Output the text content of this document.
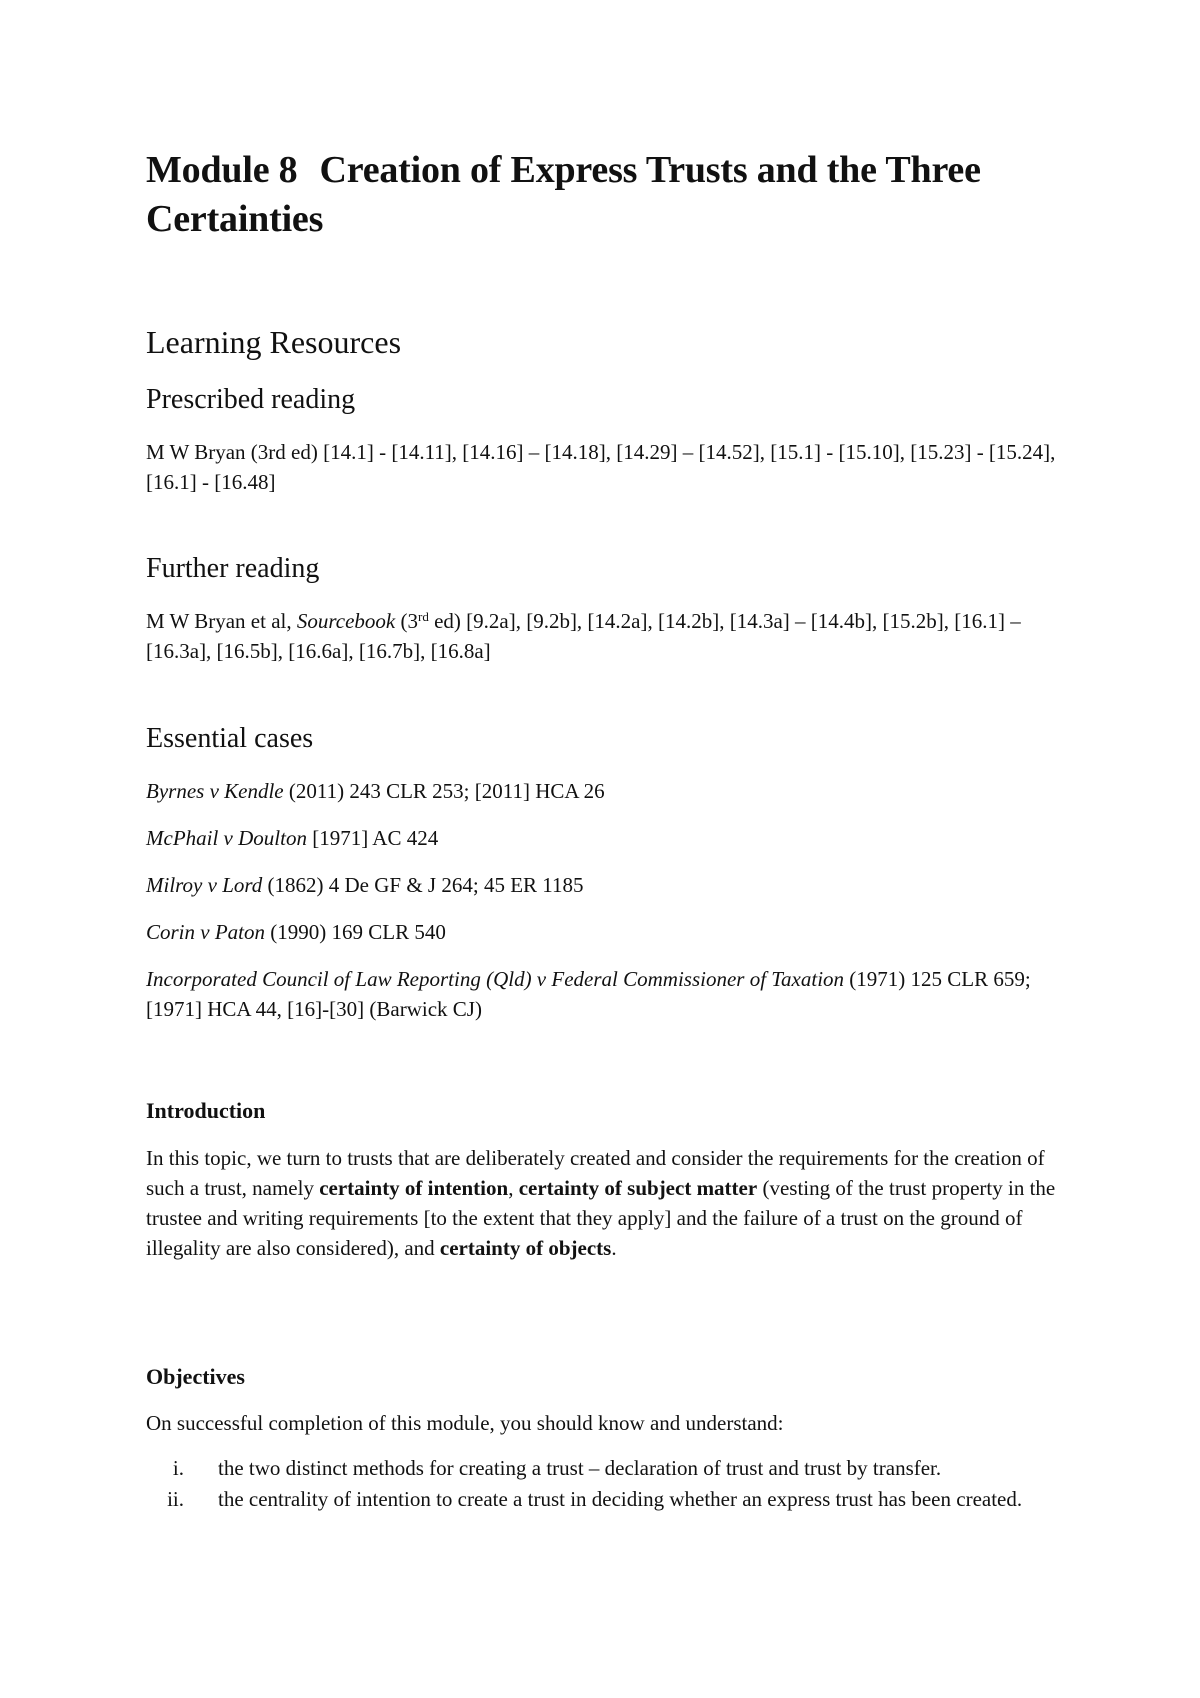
Module 8 Creation of Express Trusts and the Three Certainties
Learning Resources
Prescribed reading

M W Bryan (3rd ed) [14.1] - [14.11], [14.16] – [14.18], [14.29] – [14.52], [15.1] - [15.10], [15.23] - [15.24], [16.1] - [16.48]

Further reading

M W Bryan et al, Sourcebook (3rd ed) [9.2a], [9.2b], [14.2a], [14.2b], [14.3a] – [14.4b], [15.2b], [16.1] – [16.3a], [16.5b], [16.6a], [16.7b], [16.8a]

Essential cases

Byrnes v Kendle (2011) 243 CLR 253; [2011] HCA 26

McPhail v Doulton [1971] AC 424

Milroy v Lord (1862) 4 De GF & J 264; 45 ER 1185

Corin v Paton (1990) 169 CLR 540

Incorporated Council of Law Reporting (Qld) v Federal Commissioner of Taxation (1971) 125 CLR 659; [1971] HCA 44, [16]-[30] (Barwick CJ)

Introduction

In this topic, we turn to trusts that are deliberately created and consider the requirements for the creation of such a trust, namely certainty of intention, certainty of subject matter (vesting of the trust property in the trustee and writing requirements [to the extent that they apply] and the failure of a trust on the ground of illegality are also considered), and certainty of objects.

Objectives

On successful completion of this module, you should know and understand:

i. the two distinct methods for creating a trust – declaration of trust and trust by transfer.
ii. the centrality of intention to create a trust in deciding whether an express trust has been created.
